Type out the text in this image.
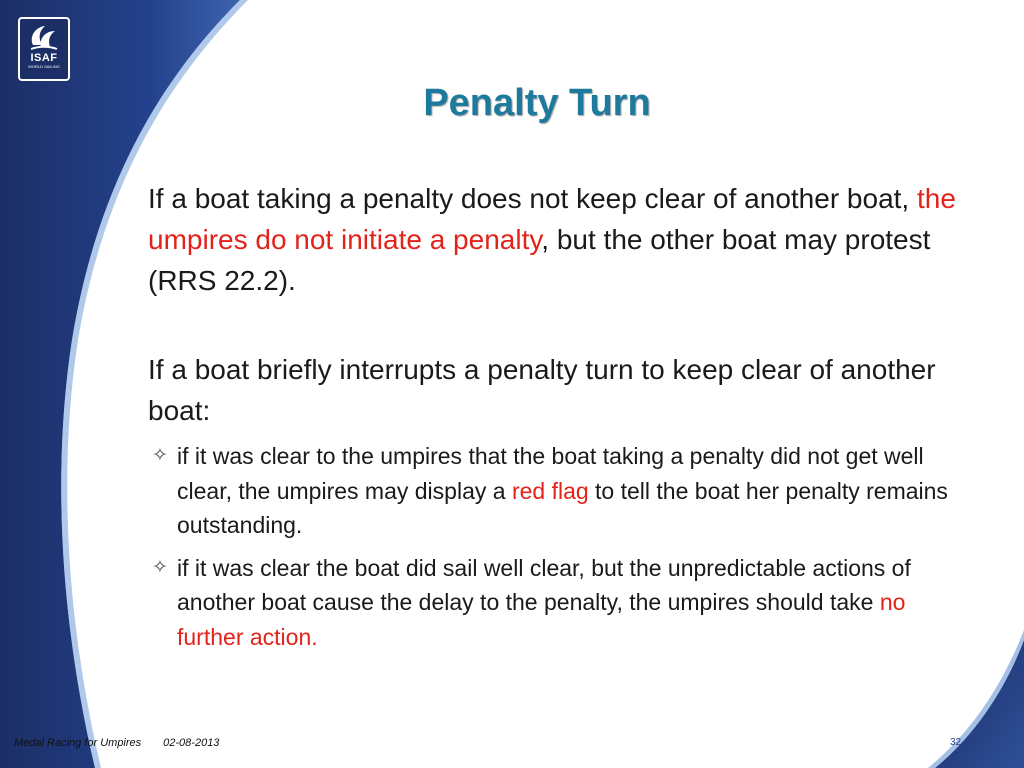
ISAF
WORLD SAILING
Penalty Turn

If a boat taking a penalty does not keep clear of another boat, the umpires do not initiate a penalty, but the other boat may protest (RRS 22.2).

If a boat briefly interrupts a penalty turn to keep clear of another boat:

✧ if it was clear to the umpires that the boat taking a penalty did not get well clear, the umpires may display a red flag to tell the boat her penalty remains outstanding.
✧ if it was clear the boat did sail well clear, but the unpredictable actions of another boat cause the delay to the penalty, the umpires should take no further action.
Medal Racing for Umpires 02-08-2013	32
